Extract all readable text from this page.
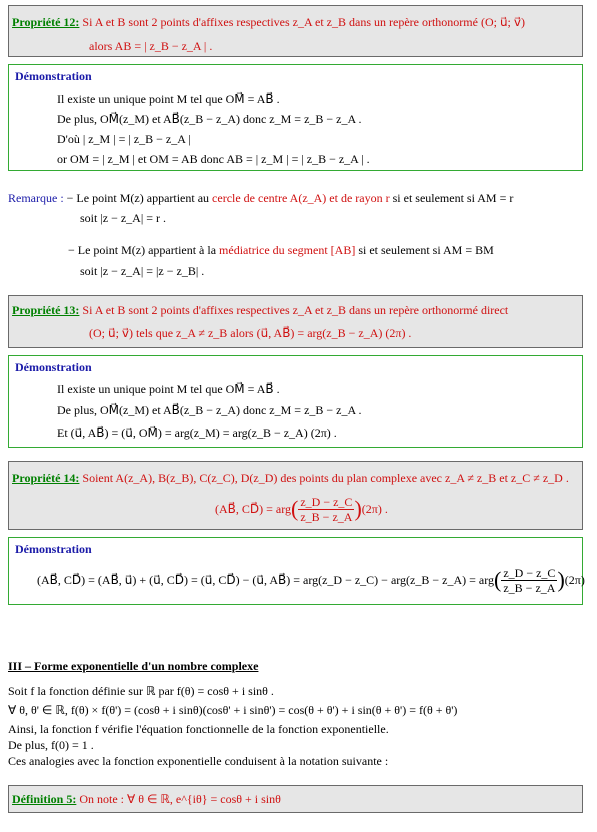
Propriété 12: Si A et B sont 2 points d'affixes respectives z_A et z_B dans un repère orthonormé (O; u⃗; v⃗)
alors AB = | z_B − z_A | .
Démonstration
Il existe un unique point M tel que OM⃗ = AB⃗ .
De plus, OM⃗(z_M) et AB⃗(z_B − z_A) donc z_M = z_B − z_A .
D'où | z_M | = | z_B − z_A |
or OM = | z_M | et OM = AB donc AB = | z_M | = | z_B − z_A | .
Remarque : − Le point M(z) appartient au cercle de centre A(z_A) et de rayon r si et seulement si AM = r
soit |z − z_A| = r .
− Le point M(z) appartient à la médiatrice du segment [AB] si et seulement si AM = BM
soit |z − z_A| = |z − z_B| .
Propriété 13: Si A et B sont 2 points d'affixes respectives z_A et z_B dans un repère orthonormé direct
(O; u⃗; v⃗) tels que z_A ≠ z_B alors (u⃗, AB⃗) = arg(z_B − z_A) (2π) .
Démonstration
Il existe un unique point M tel que OM⃗ = AB⃗ .
De plus, OM⃗(z_M) et AB⃗(z_B − z_A) donc z_M = z_B − z_A .
Et (u⃗, AB⃗) = (u⃗, OM⃗) = arg(z_M) = arg(z_B − z_A) (2π) .
Propriété 14: Soient A(z_A), B(z_B), C(z_C), D(z_D) des points du plan complexe avec z_A ≠ z_B et z_C ≠ z_D .
(AB⃗, CD⃗) = arg ( z_D − z_C
z_B − z_A ) (2π) .
Démonstration
(AB⃗, CD⃗) = (AB⃗, u⃗) + (u⃗, CD⃗) = (u⃗, CD⃗) − (u⃗, AB⃗) = arg(z_D − z_C) − arg(z_B − z_A) = arg ( z_D − z_C
z_B − z_A ) (2π)
III – Forme exponentielle d'un nombre complexe
Soit f la fonction définie sur ℝ par f(θ) = cosθ + i sinθ .
∀ θ, θ' ∈ ℝ, f(θ) × f(θ') = (cosθ + i sinθ)(cosθ' + i sinθ') = cos(θ + θ') + i sin(θ + θ') = f(θ + θ')
Ainsi, la fonction f vérifie l'équation fonctionnelle de la fonction exponentielle.
De plus, f(0) = 1 .
Ces analogies avec la fonction exponentielle conduisent à la notation suivante :
Définition 5: On note : ∀ θ ∈ ℝ, e^{iθ} = cosθ + i sinθ
